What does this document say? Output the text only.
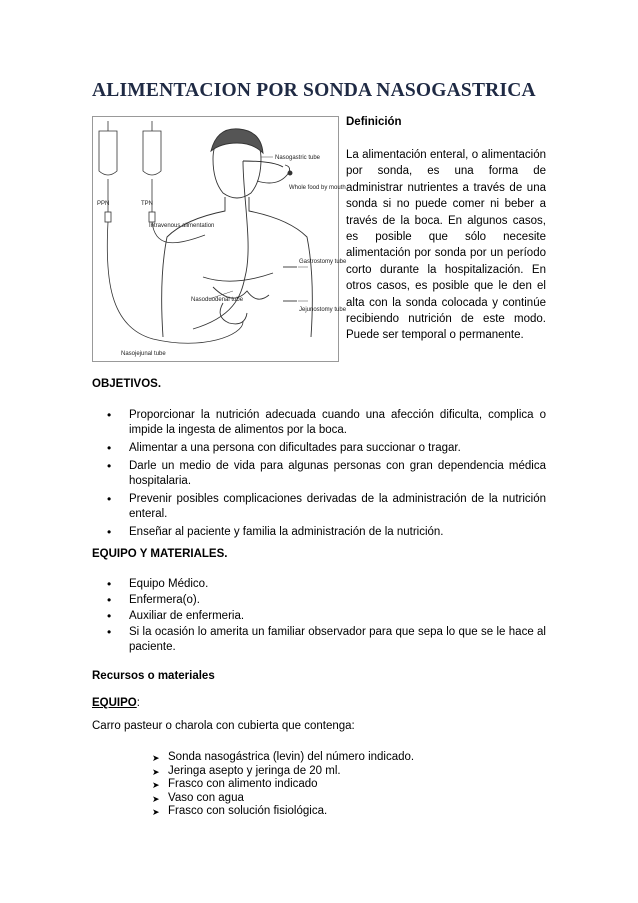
ALIMENTACION POR SONDA NASOGASTRICA
Nasogastric tube
Whole food by mouth
PPN	TPN
Intravenous alimentation
Nasoduodenal tube
Gastrostomy tube
Jejunostomy tube
Nasojejunal tube

Definición

La alimentación enteral, o alimentación por sonda, es una forma de administrar nutrientes a través de una sonda si no puede comer ni beber a través de la boca. En algunos casos, es posible que sólo necesite alimentación por sonda por un período corto durante la hospitalización. En otros casos, es posible que le den el alta con la sonda colocada y continúe recibiendo nutrición de este modo. Puede ser temporal o permanente.

OBJETIVOS.

• Proporcionar la nutrición adecuada cuando una afección dificulta, complica o impide la ingesta de alimentos por la boca.
• Alimentar a una persona con dificultades para succionar o tragar.
• Darle un medio de vida para algunas personas con gran dependencia médica hospitalaria.
• Prevenir posibles complicaciones derivadas de la administración de la nutrición enteral.
• Enseñar al paciente y familia la administración de la nutrición.

EQUIPO Y MATERIALES.

• Equipo Médico.
• Enfermera(o).
• Auxiliar de enfermeria.
• Si la ocasión lo amerita un familiar observador para que sepa lo que se le hace al paciente.

Recursos o materiales

EQUIPO:

Carro pasteur o charola con cubierta que contenga:

➤ Sonda nasogástrica (levin) del número indicado.
➤ Jeringa asepto y jeringa de 20 ml.
➤ Frasco con alimento indicado
➤ Vaso con agua
➤ Frasco con solución fisiológica.
